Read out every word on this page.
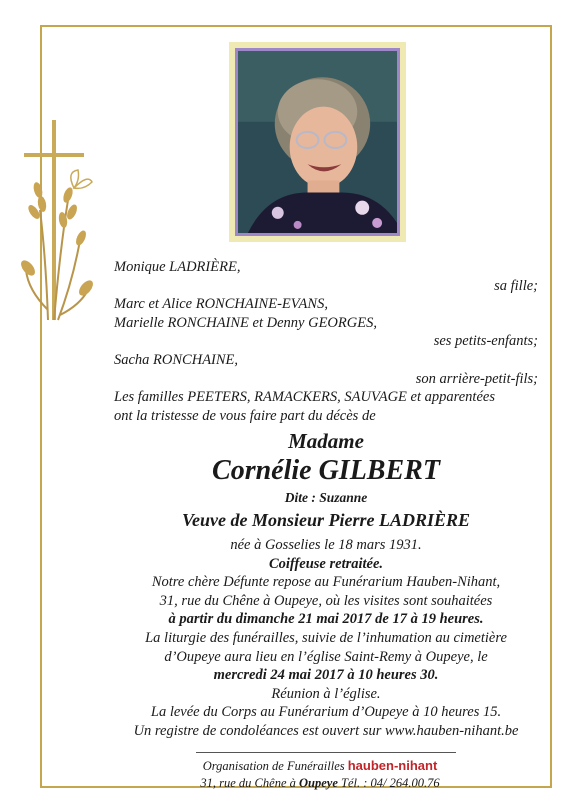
Monique LADRIÈRE,
sa fille;
Marc et Alice RONCHAINE-EVANS,
Marielle RONCHAINE et Denny GEORGES,
ses petits-enfants;
Sacha RONCHAINE,
son arrière-petit-fils;
Les familles PEETERS, RAMACKERS, SAUVAGE et apparentées
ont la tristesse de vous faire part du décès de
Madame
Cornélie GILBERT
Dite : Suzanne
Veuve de Monsieur Pierre LADRIÈRE
née à Gosselies le 18 mars 1931.
Coiffeuse retraitée.
Notre chère Défunte repose au Funérarium Hauben-Nihant,
31, rue du Chêne à Oupeye, où les visites sont souhaitées
à partir du dimanche 21 mai 2017 de 17 à 19 heures.
La liturgie des funérailles, suivie de l’inhumation au cimetière
d’Oupeye aura lieu en l’église Saint-Remy à Oupeye, le
mercredi 24 mai 2017 à 10 heures 30.
Réunion à l’église.
La levée du Corps au Funérarium d’Oupeye à 10 heures 15.
Un registre de condoléances est ouvert sur www.hauben-nihant.be
Organisation de Funérailles hauben-nihant
31, rue du Chêne à Oupeye Tél. : 04/ 264.00.76
